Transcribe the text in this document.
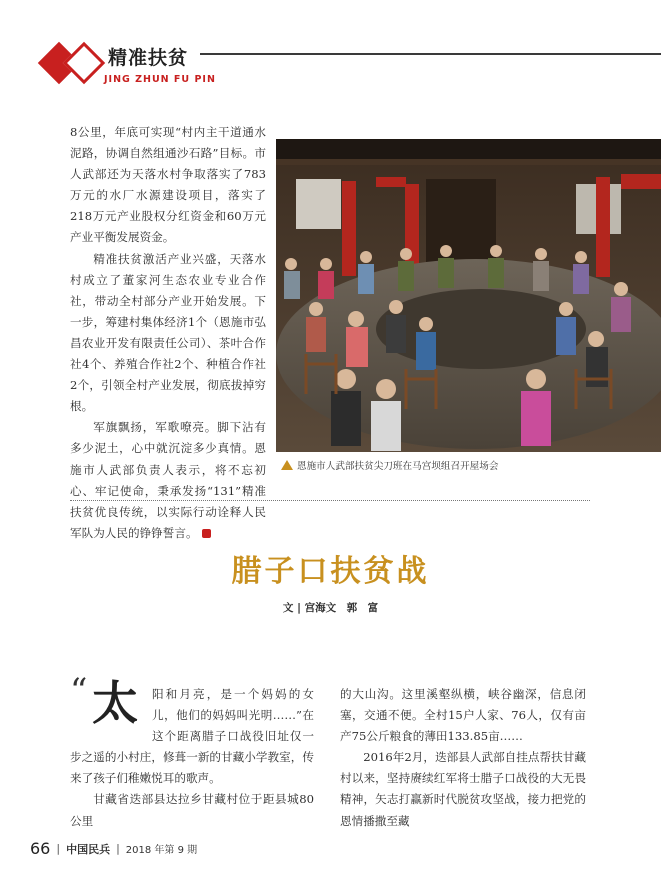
精准扶贫
JING ZHUN FU PIN

8公里，年底可实现“村内主干道通水泥路，协调自然组通沙石路”目标。市人武部还为天落水村争取落实了783万元的水厂水源建设项目，落实了218万元产业股权分红资金和60万元产业平衡发展资金。

精准扶贫激活产业兴盛，天落水村成立了董家河生态农业专业合作社，带动全村部分产业开始发展。下一步，筹建村集体经济1个（恩施市弘昌农业开发有限责任公司）、茶叶合作社4个、养殖合作社2个、种植合作社2个，引领全村产业发展，彻底拔掉穷根。

军旗飘扬，军歌嘹亮。脚下沾有多少泥土，心中就沉淀多少真情。恩施市人武部负责人表示，将不忘初心、牢记使命，秉承发扬“131”精准扶贫优良传统，以实际行动诠释人民军队为人民的铮铮誓言。

恩施市人武部扶贫尖刀班在马宫坝组召开屋场会
腊子口扶贫战
文 | 宫海文　郭　富
“ 太	阳和月亮，是一个妈妈的女儿，他们的妈妈叫光明……”在这个距离腊子口战役旧址仅一步之遥的小村庄，修葺一新的甘藏小学教室，传来了孩子们稚嫩悦耳的歌声。

甘藏省迭部县达拉乡甘藏村位于距县城80公里

的大山沟。这里溪壑纵横，峡谷幽深，信息闭塞，交通不便。全村15户人家、76人，仅有亩产75公斤粮食的薄田133.85亩……

2016年2月，迭部县人武部自挂点帮扶甘藏村以来，坚持赓续红军将士腊子口战役的大无畏精神，矢志打赢新时代脱贫攻坚战，接力把党的恩情播撒至藏

66 | 中国民兵 | 2018 年第 9 期
